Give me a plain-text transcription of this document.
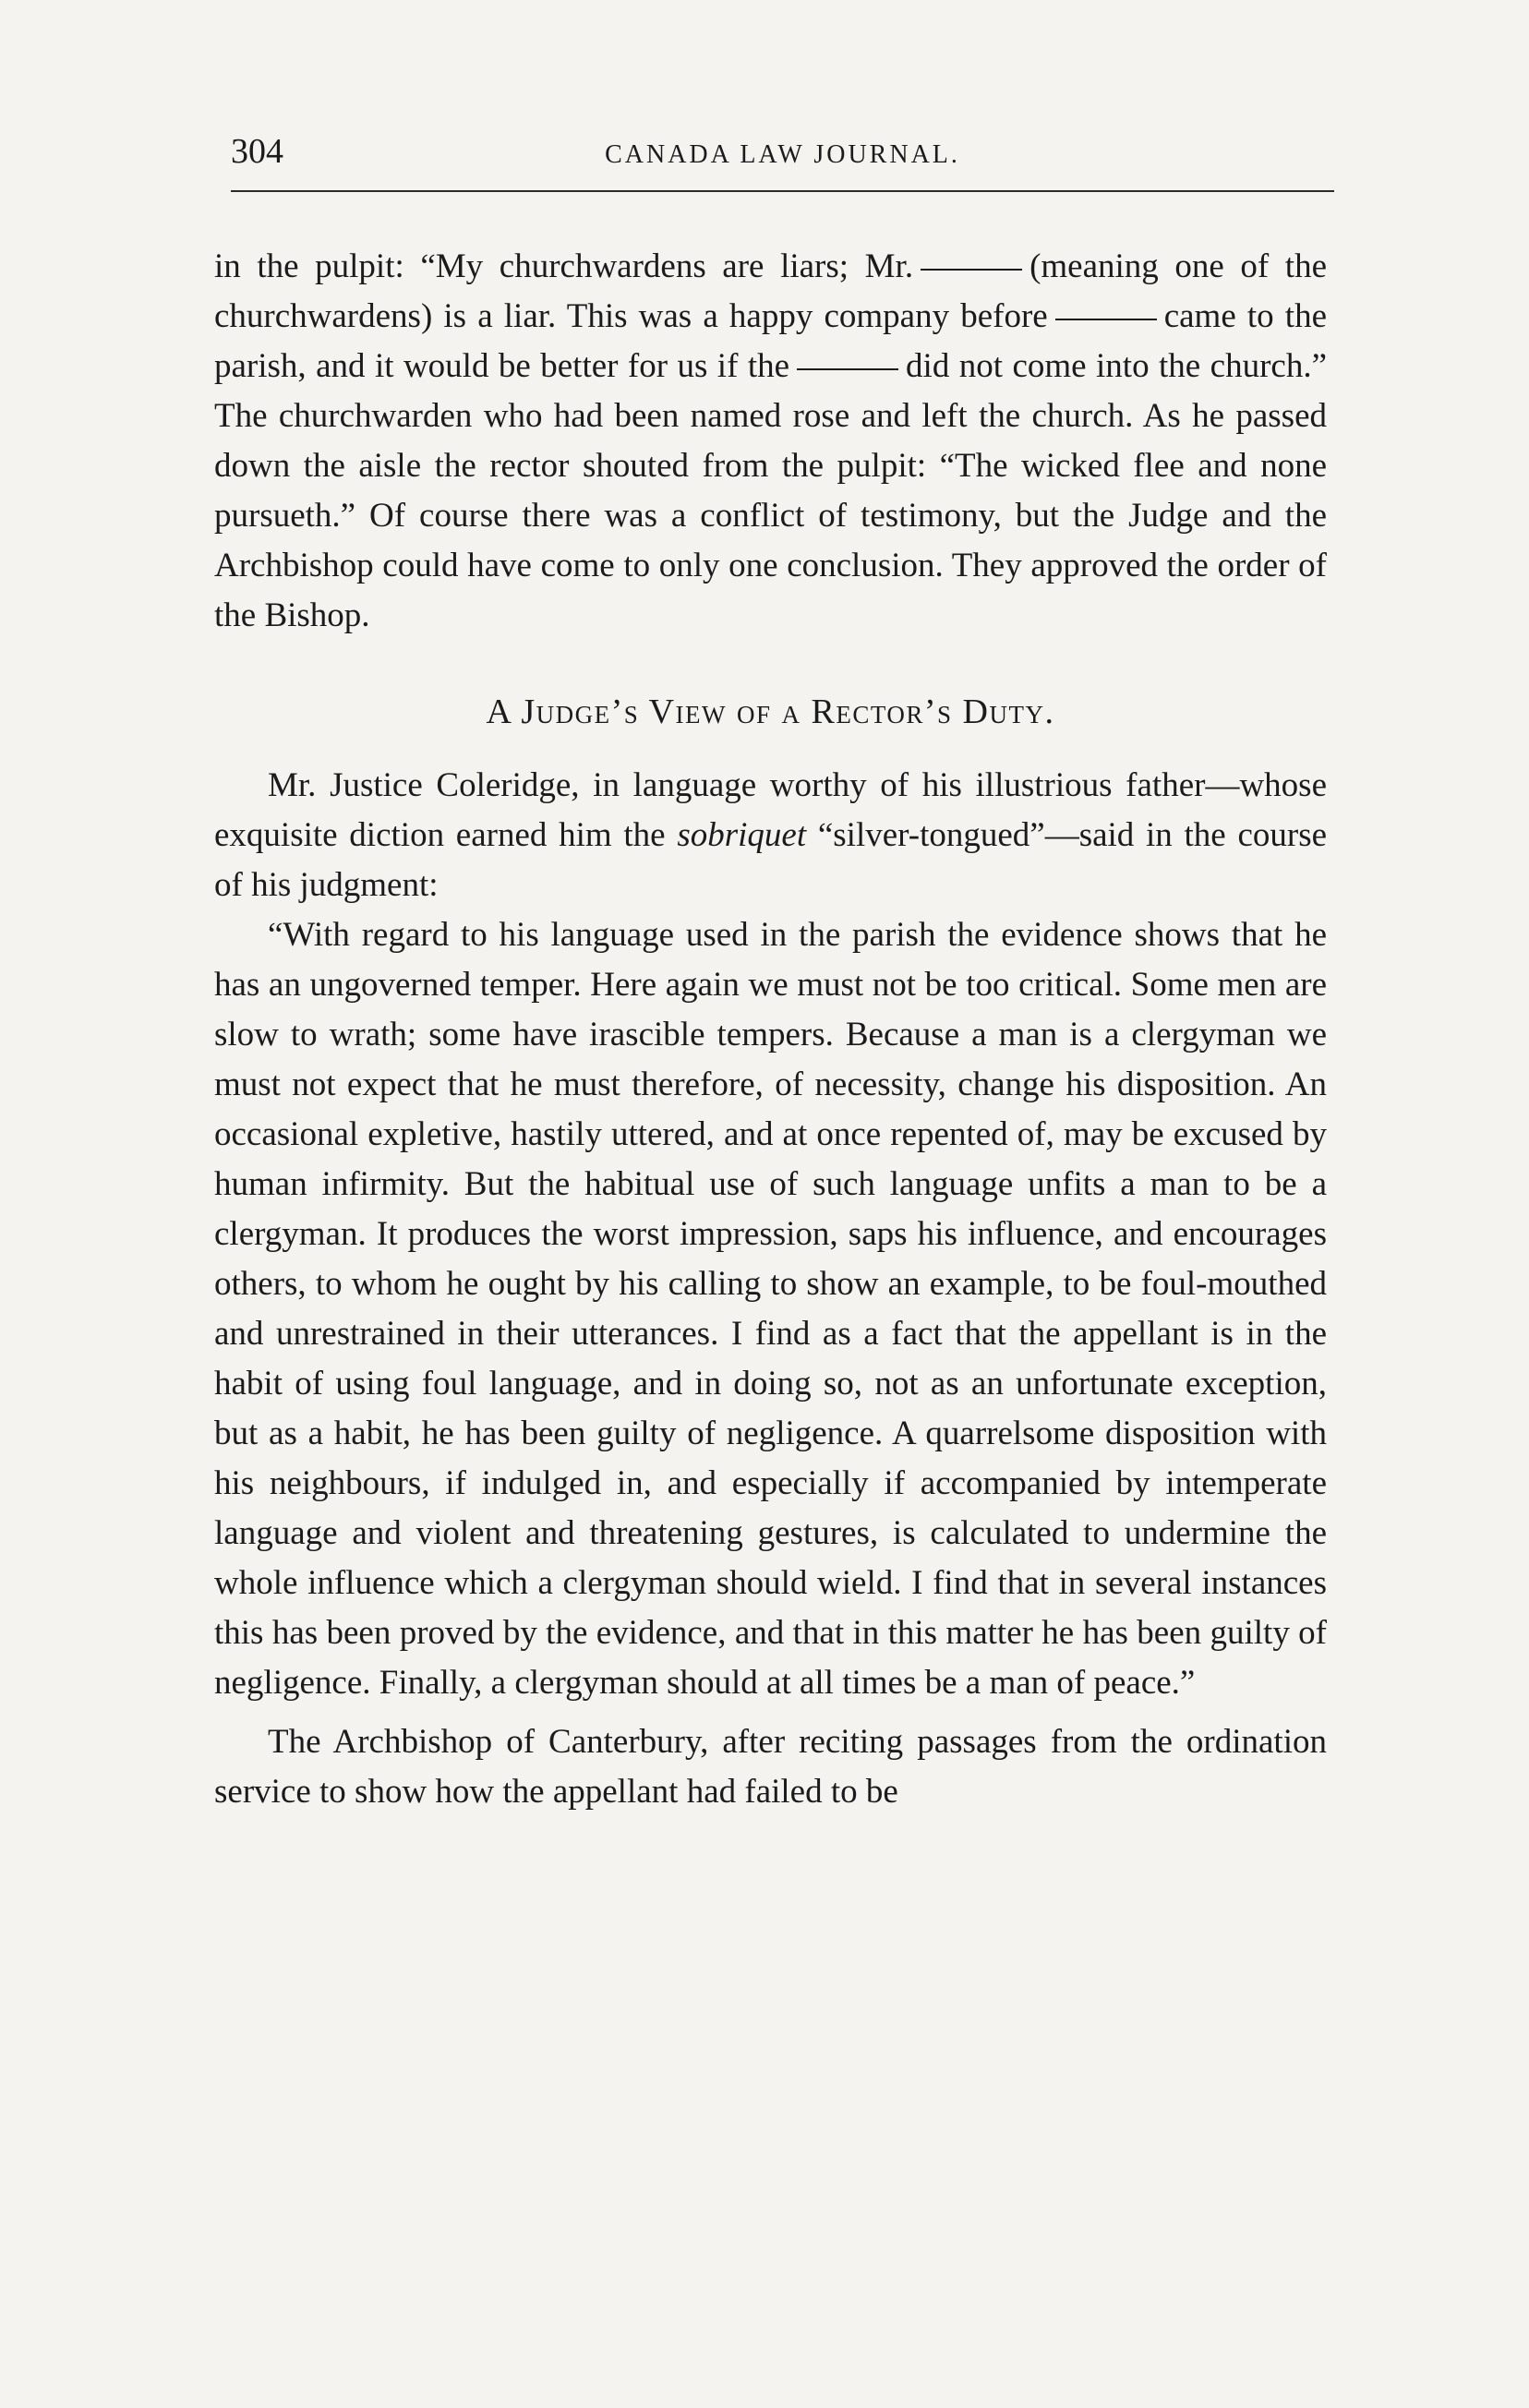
304	CANADA LAW JOURNAL.

in the pulpit: “My churchwardens are liars; Mr.	(meaning one of the churchwardens) is a liar. This was a happy company before	came to the parish, and it would be better for us if the	did not come into the church.” The churchwarden who had been named rose and left the church. As he passed down the aisle the rector shouted from the pulpit: “The wicked flee and none pursueth.” Of course there was a conflict of testimony, but the Judge and the Archbishop could have come to only one conclusion. They approved the order of the Bishop.

A Judge’s View of a Rector’s Duty.

Mr. Justice Coleridge, in language worthy of his illustrious father—whose exquisite diction earned him the sobriquet “silver-tongued”—said in the course of his judgment:

“With regard to his language used in the parish the evidence shows that he has an ungoverned temper. Here again we must not be too critical. Some men are slow to wrath; some have irascible tempers. Because a man is a clergyman we must not expect that he must therefore, of necessity, change his disposition. An occasional expletive, hastily uttered, and at once repented of, may be excused by human infirmity. But the habitual use of such language unfits a man to be a clergyman. It produces the worst impression, saps his influence, and encourages others, to whom he ought by his calling to show an example, to be foul-mouthed and unrestrained in their utterances. I find as a fact that the appellant is in the habit of using foul language, and in doing so, not as an unfortunate exception, but as a habit, he has been guilty of negligence. A quarrelsome disposition with his neighbours, if indulged in, and especially if accompanied by intemperate language and violent and threatening gestures, is calculated to undermine the whole influence which a clergyman should wield. I find that in several instances this has been proved by the evidence, and that in this matter he has been guilty of negligence. Finally, a clergyman should at all times be a man of peace.”

The Archbishop of Canterbury, after reciting passages from the ordination service to show how the appellant had failed to be
